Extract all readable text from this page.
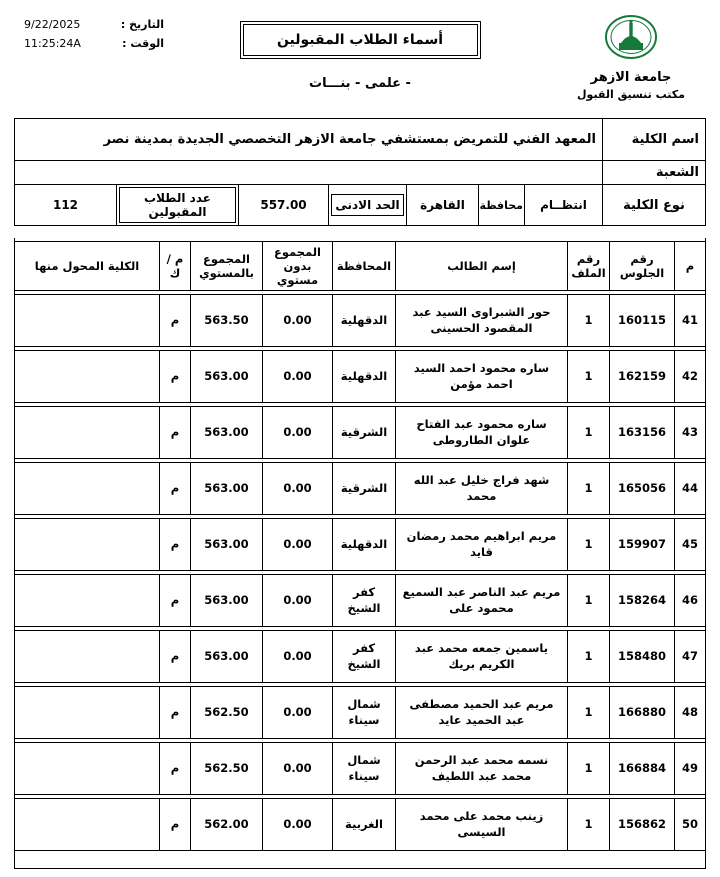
جامعة الازهر
مكتب تنسيق القبول
أسماء الطلاب المقبولين
- علمى - بنـــات
التاريخ :
9/22/2025
الوقت :
11:25:24A
اسم الكلية	المعهد الفني للتمريض بمستشفي جامعة الازهر التخصصي الجديدة بمدينة نصر						
الشعبة							
نوع الكلية	انتظــام	محافظة	القاهرة	الحد الادنى	557.00	عدد الطلاب المقبولين	112
م	رقم الجلوس	رقم الملف	إسم الطالب	المحافظة	المجموع بدون مستوي	المجموع بالمستوي	م / ك	الكلية المحول منها
41	160115	1	حور الشبراوى السيد عبد المقصود الحسينى	الدقهلية	0.00	563.50	م	
42	162159	1	ساره محمود احمد السيد احمد مؤمن	الدقهلية	0.00	563.00	م	
43	163156	1	ساره محمود عبد الفتاح علوان الطاروطى	الشرقية	0.00	563.00	م	
44	165056	1	شهد فراج خليل عبد الله محمد	الشرقية	0.00	563.00	م	
45	159907	1	مريم ابراهيم محمد رمضان قايد	الدقهلية	0.00	563.00	م	
46	158264	1	مريم عبد الناصر عبد السميع محمود على	كفر الشيخ	0.00	563.00	م	
47	158480	1	ياسمين جمعه محمد عبد الكريم بريك	كفر الشيخ	0.00	563.00	م	
48	166880	1	مريم عبد الحميد مصطفى عبد الحميد عايد	شمال سيناء	0.00	562.50	م	
49	166884	1	نسمه محمد عبد الرحمن محمد عبد اللطيف	شمال سيناء	0.00	562.50	م	
50	156862	1	زينب محمد على محمد السيسى	الغربية	0.00	562.00	م	
